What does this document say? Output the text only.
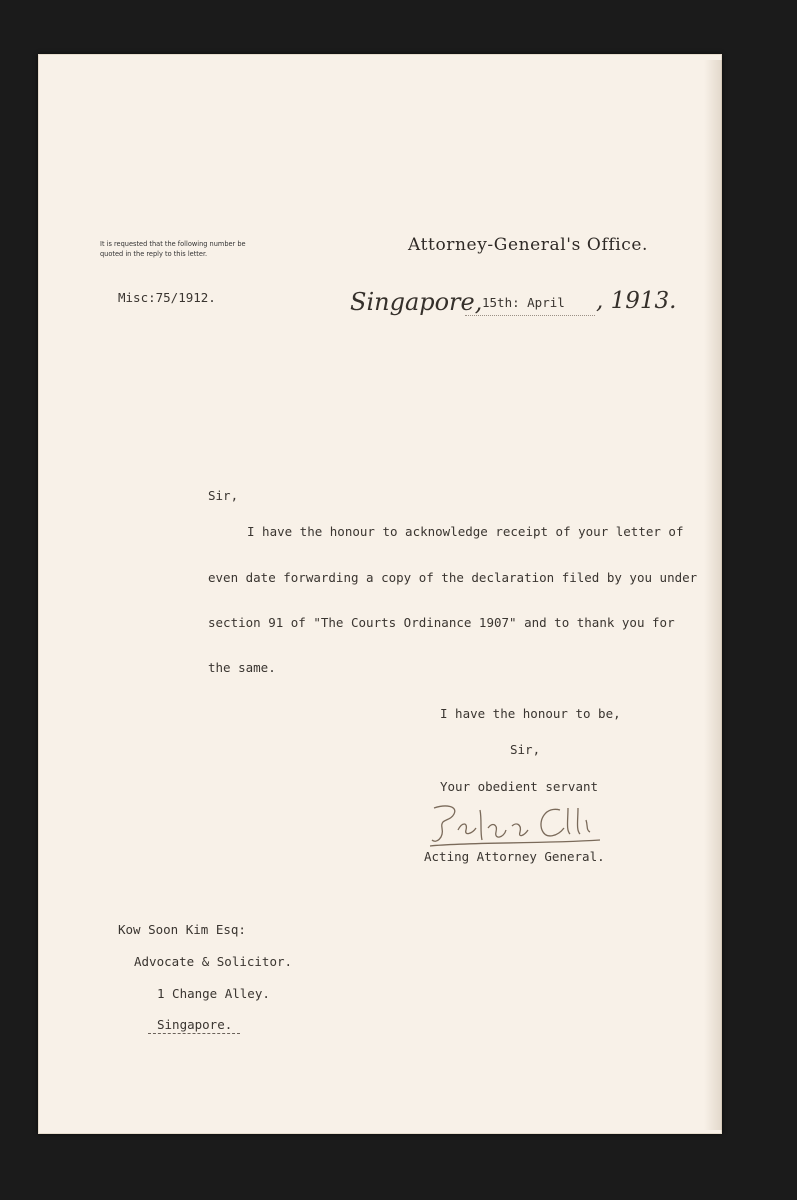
It is requested that the following number be quoted in the reply to this letter.	Attorney-General's Office.
Misc:75/1912.	Singapore, 15th: April , 1913.
Sir,
I have the honour to acknowledge receipt of your letter of
even date forwarding a copy of the declaration filed by you under
section 91 of "The Courts Ordinance 1907" and to thank you for
the same.
I have the honour to be,
Sir,
Your obedient servant
Acting Attorney General.
Kow Soon Kim Esq:
Advocate & Solicitor.
1 Change Alley.
Singapore.
